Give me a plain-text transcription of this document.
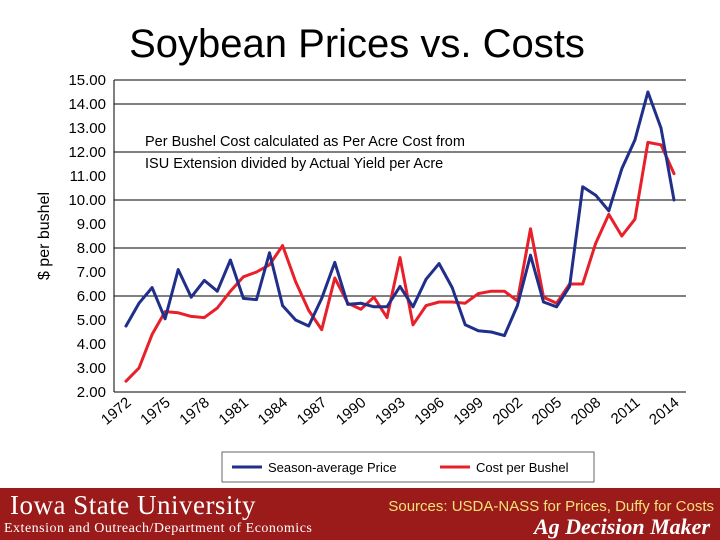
Soybean Prices vs. Costs
2.00
3.00
4.00
5.00
6.00
7.00
8.00
9.00
10.00
11.00
12.00
13.00
14.00
15.00
1972 1975 1978 1981 1984 1987 1990 1993 1996 1999 2002 2005 2008 2011 2014
$ per bushel
Per Bushel Cost calculated as Per Acre Cost from
ISU Extension divided by Actual Yield per Acre
Season-average Price	Cost per Bushel
Iowa State University
Extension and Outreach/Department of Economics
Sources: USDA-NASS for Prices, Duffy for Costs
Ag Decision Maker
